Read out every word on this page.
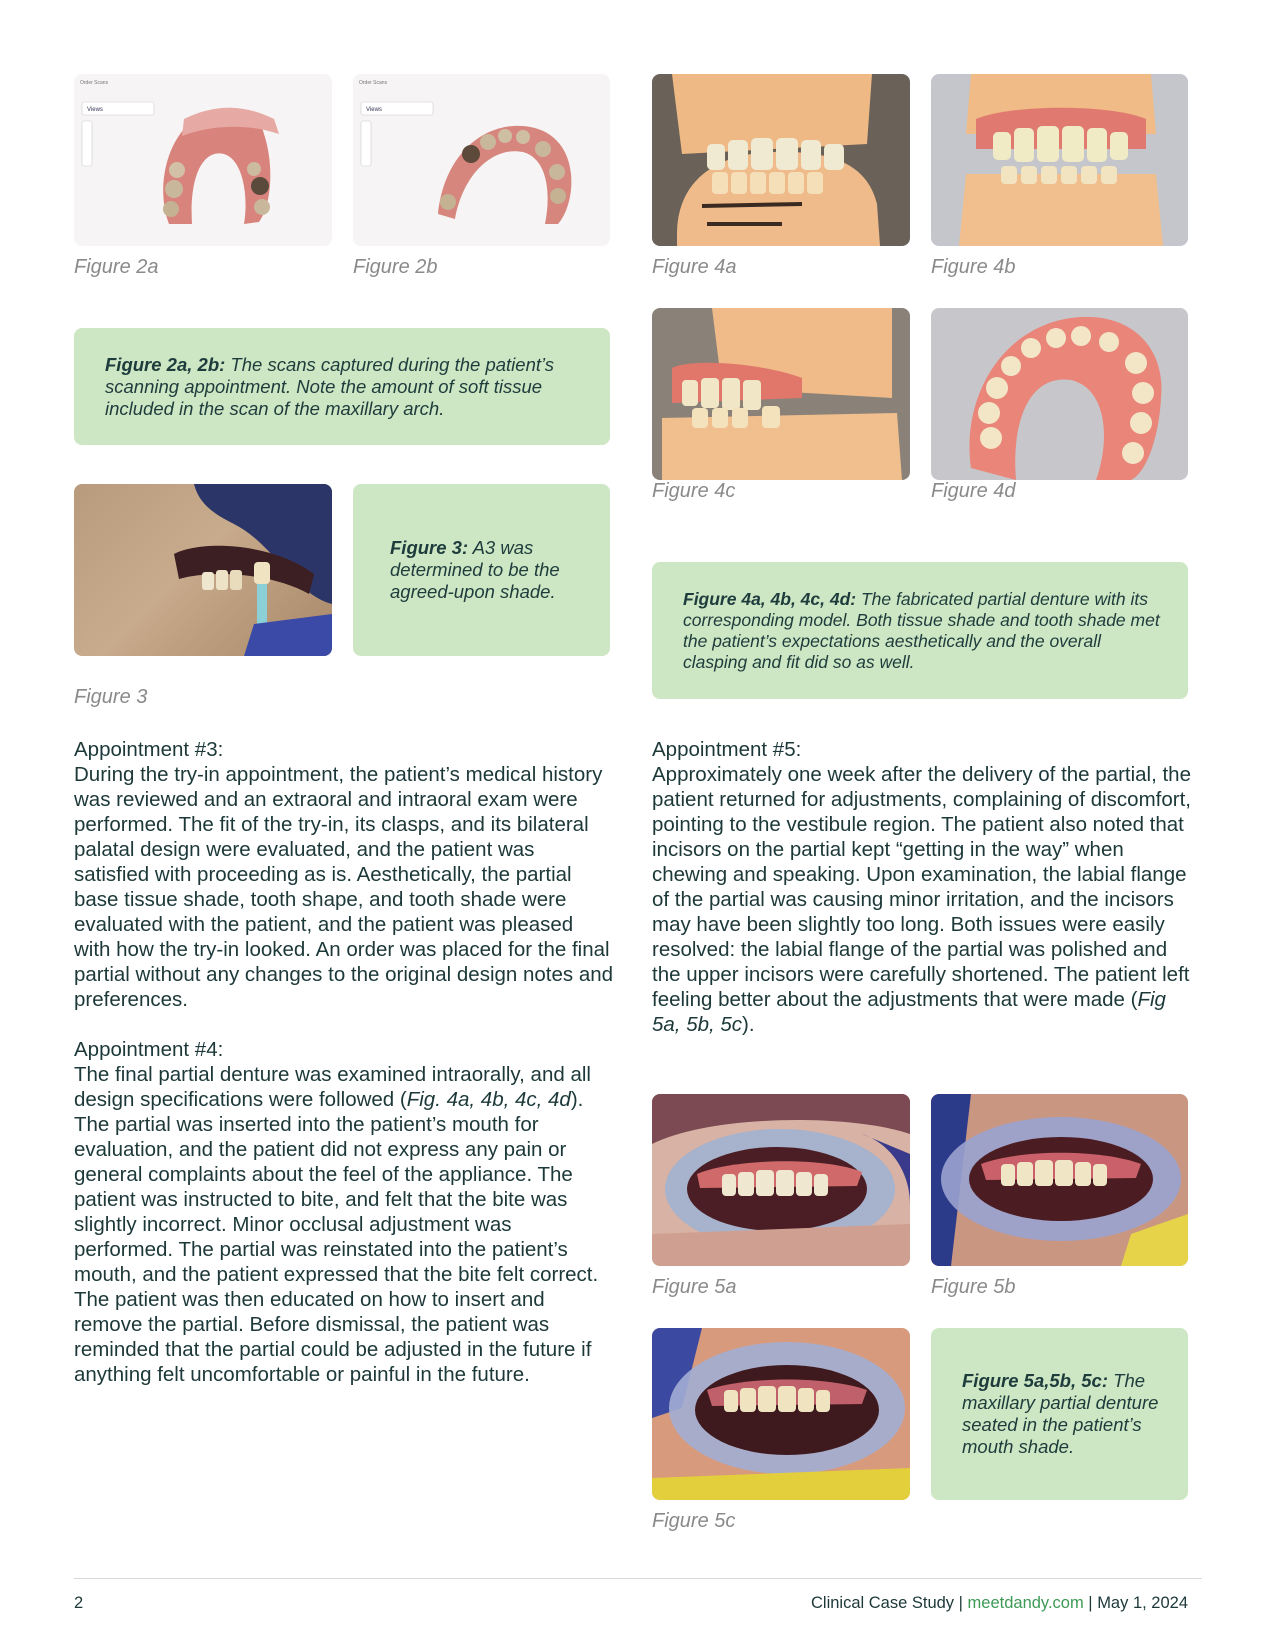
Order Scans
Views
Figure 2a
Order Scans
Views
Figure 2b
Figure 2a, 2b: The scans captured during the patient’s scanning appointment. Note the amount of soft tissue included in the scan of the maxillary arch.
Figure 3
Figure 3: A3 was determined to be the agreed-upon shade.
Figure 4a	Figure 4b
Figure 4c	Figure 4d
Figure 4a, 4b, 4c, 4d: The fabricated partial denture with its corresponding model. Both tissue shade and tooth shade met the patient’s expectations aesthetically and the overall clasping and fit did so as well.

Appointment #3:
During the try-in appointment, the patient’s medical history was reviewed and an extraoral and intraoral exam were performed. The fit of the try-in, its clasps, and its bilateral palatal design were evaluated, and the patient was satisfied with proceeding as is. Aesthetically, the partial base tissue shade, tooth shape, and tooth shade were evaluated with the patient, and the patient was pleased with how the try-in looked. An order was placed for the final partial without any changes to the original design notes and preferences.

Appointment #4:
The final partial denture was examined intraorally, and all design specifications were followed (Fig. 4a, 4b, 4c, 4d). The partial was inserted into the patient’s mouth for evaluation, and the patient did not express any pain or general complaints about the feel of the appliance. The patient was instructed to bite, and felt that the bite was slightly incorrect. Minor occlusal adjustment was performed. The partial was reinstated into the patient’s mouth, and the patient expressed that the bite felt correct. The patient was then educated on how to insert and remove the partial. Before dismissal, the patient was reminded that the partial could be adjusted in the future if anything felt uncomfortable or painful in the future.

Appointment #5:
Approximately one week after the delivery of the partial, the patient returned for adjustments, complaining of discomfort, pointing to the vestibule region. The patient also noted that incisors on the partial kept “getting in the way” when chewing and speaking. Upon examination, the labial flange of the partial was causing minor irritation, and the incisors may have been slightly too long. Both issues were easily resolved: the labial flange of the partial was polished and the upper incisors were carefully shortened. The patient left feeling better about the adjustments that were made (Fig 5a, 5b, 5c).

Figure 5a	Figure 5b
Figure 5c
Figure 5a,5b, 5c: The maxillary partial denture seated in the patient’s mouth shade.
2	Clinical Case Study | meetdandy.com | May 1, 2024
